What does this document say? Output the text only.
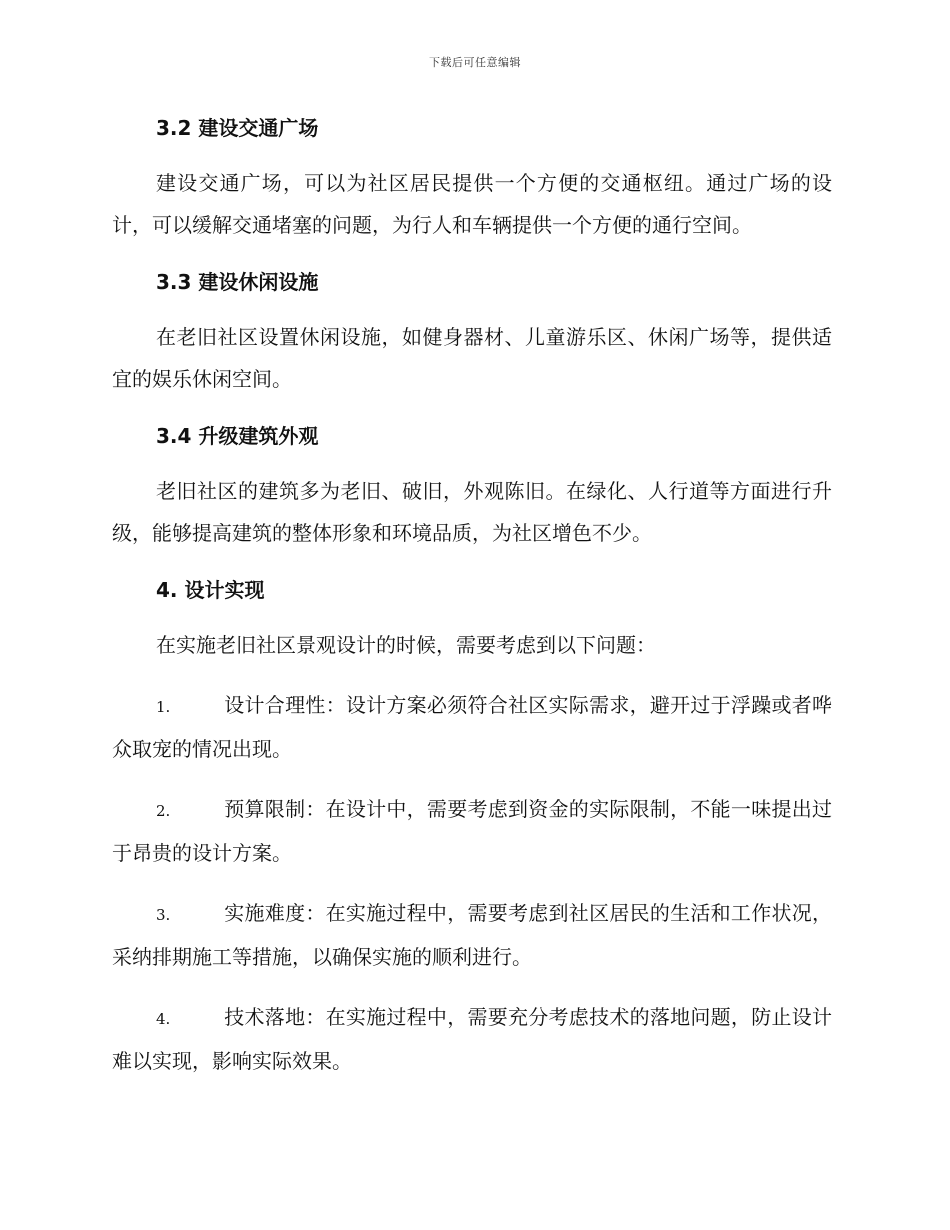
下载后可任意编辑
3.2 建设交通广场

建设交通广场，可以为社区居民提供一个方便的交通枢纽。通过广场的设计，可以缓解交通堵塞的问题，为行人和车辆提供一个方便的通行空间。

3.3 建设休闲设施

在老旧社区设置休闲设施，如健身器材、儿童游乐区、休闲广场等，提供适宜的娱乐休闲空间。

3.4 升级建筑外观

老旧社区的建筑多为老旧、破旧，外观陈旧。在绿化、人行道等方面进行升级，能够提高建筑的整体形象和环境品质，为社区增色不少。

4. 设计实现

在实施老旧社区景观设计的时候，需要考虑到以下问题：

1.	设计合理性：设计方案必须符合社区实际需求，避开过于浮躁或者哗众取宠的情况出现。

2.	预算限制：在设计中，需要考虑到资金的实际限制，不能一味提出过于昂贵的设计方案。

3.	实施难度：在实施过程中，需要考虑到社区居民的生活和工作状况，采纳排期施工等措施，以确保实施的顺利进行。

4.	技术落地：在实施过程中，需要充分考虑技术的落地问题，防止设计难以实现，影响实际效果。
